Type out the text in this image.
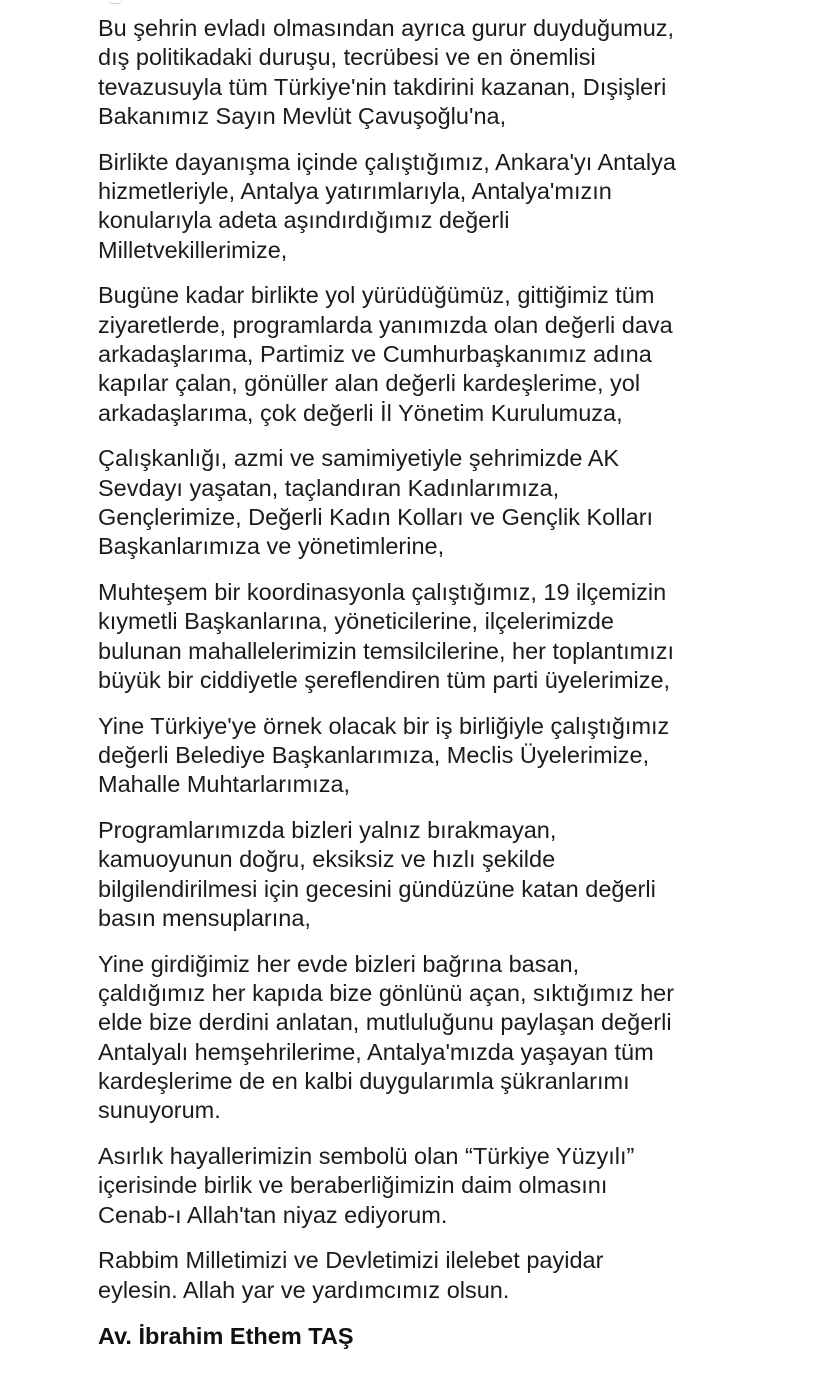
Bu şehrin evladı olmasından ayrıca gurur duyduğumuz,
dış politikadaki duruşu, tecrübesi ve en önemlisi
tevazusuyla tüm Türkiye'nin takdirini kazanan, Dışişleri
Bakanımız Sayın Mevlüt Çavuşoğlu'na,

Birlikte dayanışma içinde çalıştığımız, Ankara'yı Antalya
hizmetleriyle, Antalya yatırımlarıyla, Antalya'mızın
konularıyla adeta aşındırdığımız değerli
Milletvekillerimize,

Bugüne kadar birlikte yol yürüdüğümüz, gittiğimiz tüm
ziyaretlerde, programlarda yanımızda olan değerli dava
arkadaşlarıma, Partimiz ve Cumhurbaşkanımız adına
kapılar çalan, gönüller alan değerli kardeşlerime, yol
arkadaşlarıma, çok değerli İl Yönetim Kurulumuza,

Çalışkanlığı, azmi ve samimiyetiyle şehrimizde AK
Sevdayı yaşatan, taçlandıran Kadınlarımıza,
Gençlerimize, Değerli Kadın Kolları ve Gençlik Kolları
Başkanlarımıza ve yönetimlerine,

Muhteşem bir koordinasyonla çalıştığımız, 19 ilçemizin
kıymetli Başkanlarına, yöneticilerine, ilçelerimizde
bulunan mahallelerimizin temsilcilerine, her toplantımızı
büyük bir ciddiyetle şereflendiren tüm parti üyelerimize,

Yine Türkiye'ye örnek olacak bir iş birliğiyle çalıştığımız
değerli Belediye Başkanlarımıza, Meclis Üyelerimize,
Mahalle Muhtarlarımıza,

Programlarımızda bizleri yalnız bırakmayan,
kamuoyunun doğru, eksiksiz ve hızlı şekilde
bilgilendirilmesi için gecesini gündüzüne katan değerli
basın mensuplarına,

Yine girdiğimiz her evde bizleri bağrına basan,
çaldığımız her kapıda bize gönlünü açan, sıktığımız her
elde bize derdini anlatan, mutluluğunu paylaşan değerli
Antalyalı hemşehrilerime, Antalya'mızda yaşayan tüm
kardeşlerime de en kalbi duygularımla şükranlarımı
sunuyorum.

Asırlık hayallerimizin sembolü olan “Türkiye Yüzyılı”
içerisinde birlik ve beraberliğimizin daim olmasını
Cenab-ı Allah'tan niyaz ediyorum.

Rabbim Milletimizi ve Devletimizi ilelebet payidar
eylesin. Allah yar ve yardımcımız olsun.

Av. İbrahim Ethem TAŞ
